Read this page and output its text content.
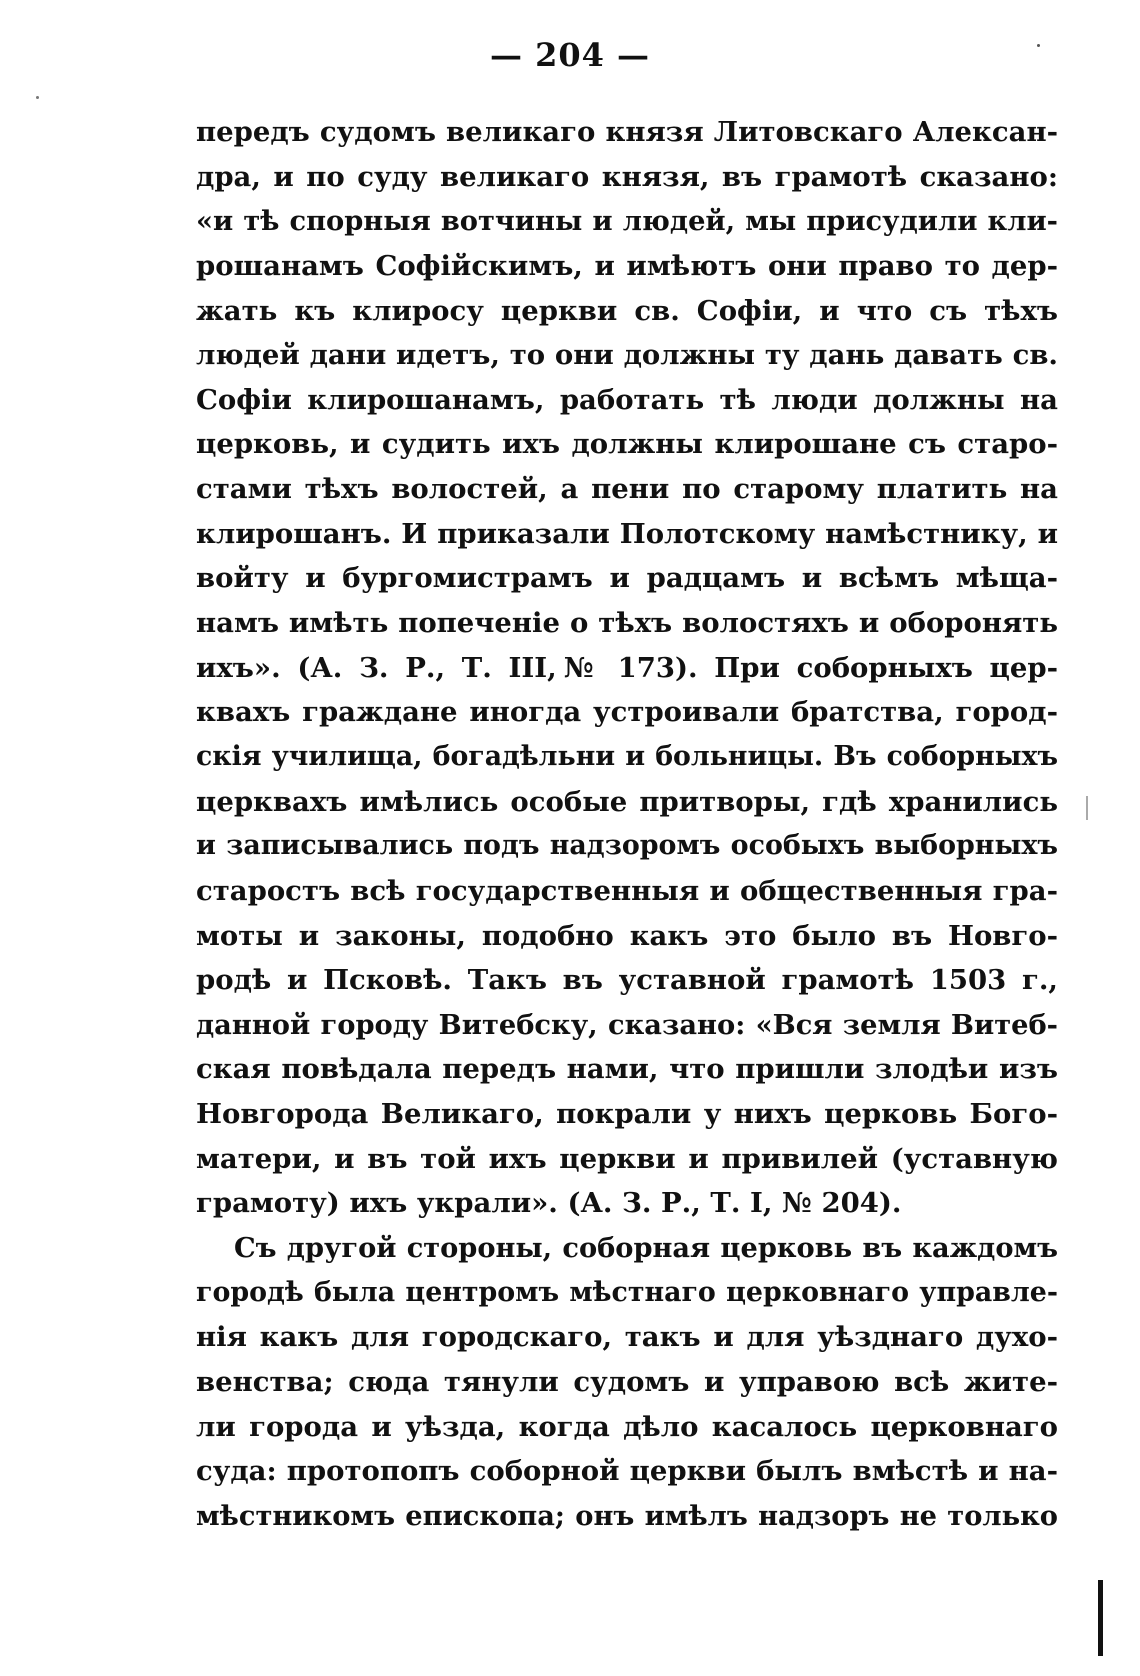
— 204 —
передъ судомъ великаго князя Литовскаго Алексан-
дра, и по суду великаго князя, въ грамотѣ сказано:
«и тѣ спорныя вотчины и людей, мы присудили кли-
рошанамъ Софійскимъ, и имѣютъ они право то дер-
жать къ клиросу церкви св. Софіи, и что съ тѣхъ
людей дани идетъ, то они должны ту дань давать св.
Софіи клирошанамъ, работать тѣ люди должны на
церковь, и судить ихъ должны клирошане съ старо-
стами тѣхъ волостей, а пени по старому платить на
клирошанъ. И приказали Полотскому намѣстнику, и
войту и бургомистрамъ и радцамъ и всѣмъ мѣща-
намъ имѣть попеченіе о тѣхъ волостяхъ и оборонять
ихъ». (А. З. Р., Т. III,№ 173). При соборныхъ цер-
квахъ граждане иногда устроивали братства, город-
скія училища, богадѣльни и больницы. Въ соборныхъ
церквахъ имѣлись особые притворы, гдѣ хранились
и записывались подъ надзоромъ особыхъ выборныхъ
старостъ всѣ государственныя и общественныя гра-
моты и законы, подобно какъ это было въ Новго-
родѣ и Псковѣ. Такъ въ уставной грамотѣ 1503 г.,
данной городу Витебску, сказано: «Вся земля Витеб-
ская повѣдала передъ нами, что пришли злодѣи изъ
Новгорода Великаго, покрали у нихъ церковь Бого-
матери, и въ той ихъ церкви и привилей (уставную
грамоту) ихъ украли». (А. З. Р., Т. I, № 204).
Съ другой стороны, соборная церковь въ каждомъ
городѣ была центромъ мѣстнаго церковнаго управле-
нія какъ для городскаго, такъ и для уѣзднаго духо-
венства; сюда тянули судомъ и управою всѣ жите-
ли города и уѣзда, когда дѣло касалось церковнаго
суда: протопопъ соборной церкви былъ вмѣстѣ и на-
мѣстникомъ епископа; онъ имѣлъ надзоръ не только
